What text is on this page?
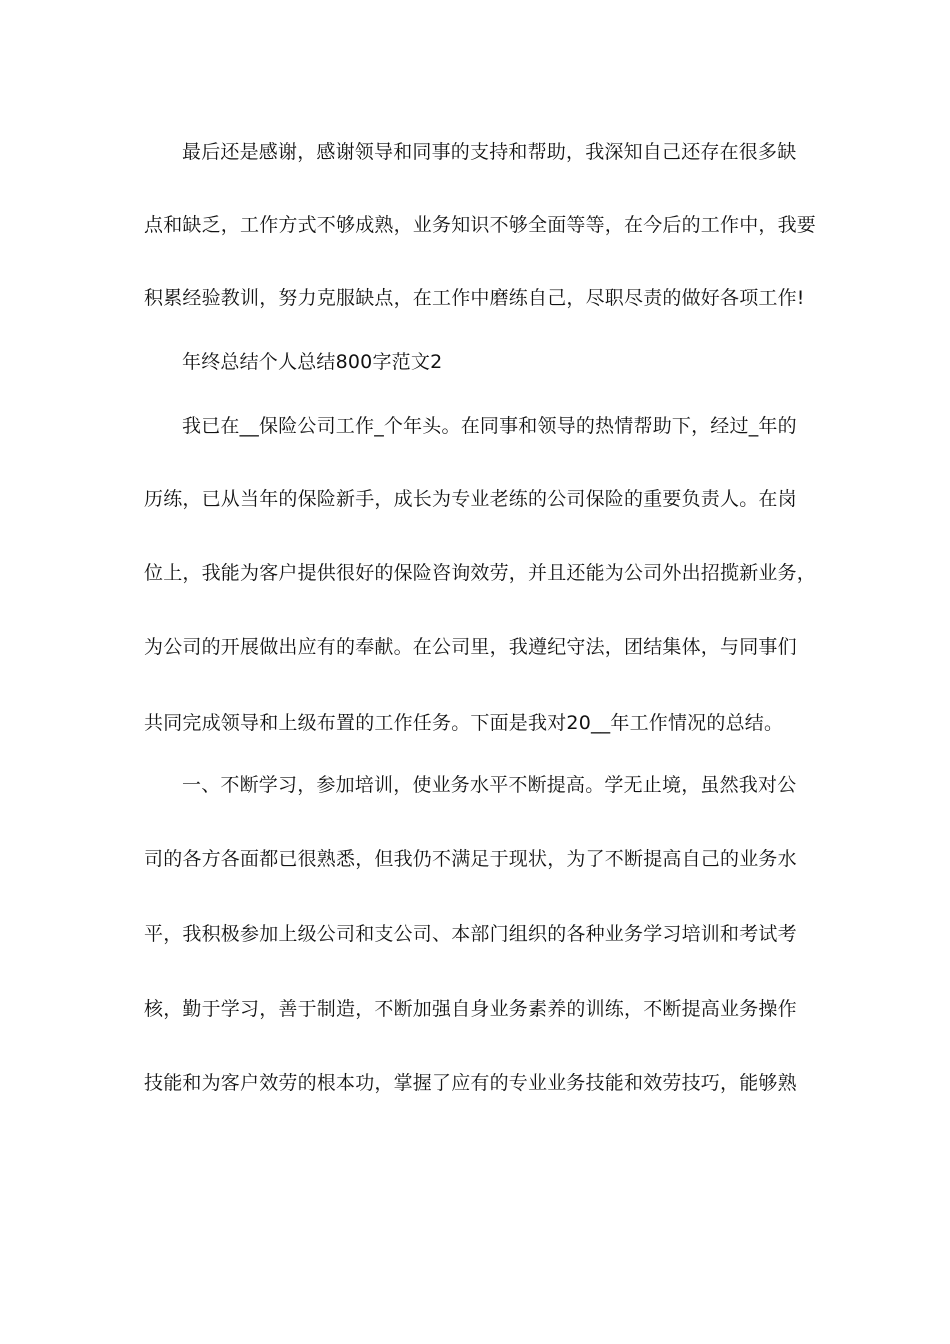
最后还是感谢，感谢领导和同事的支持和帮助，我深知自己还存在很多缺
点和缺乏，工作方式不够成熟，业务知识不够全面等等，在今后的工作中，我要
积累经验教训，努力克服缺点，在工作中磨练自己，尽职尽责的做好各项工作!
年终总结个人总结800字范文2
我已在__保险公司工作_个年头。在同事和领导的热情帮助下，经过_年的
历练，已从当年的保险新手，成长为专业老练的公司保险的重要负责人。在岗
位上，我能为客户提供很好的保险咨询效劳，并且还能为公司外出招揽新业务，
为公司的开展做出应有的奉献。在公司里，我遵纪守法，团结集体，与同事们
共同完成领导和上级布置的工作任务。下面是我对20__年工作情况的总结。
一、不断学习，参加培训，使业务水平不断提高。学无止境，虽然我对公
司的各方各面都已很熟悉，但我仍不满足于现状，为了不断提高自己的业务水
平，我积极参加上级公司和支公司、本部门组织的各种业务学习培训和考试考
核，勤于学习，善于制造，不断加强自身业务素养的训练，不断提高业务操作
技能和为客户效劳的根本功，掌握了应有的专业业务技能和效劳技巧，能够熟
